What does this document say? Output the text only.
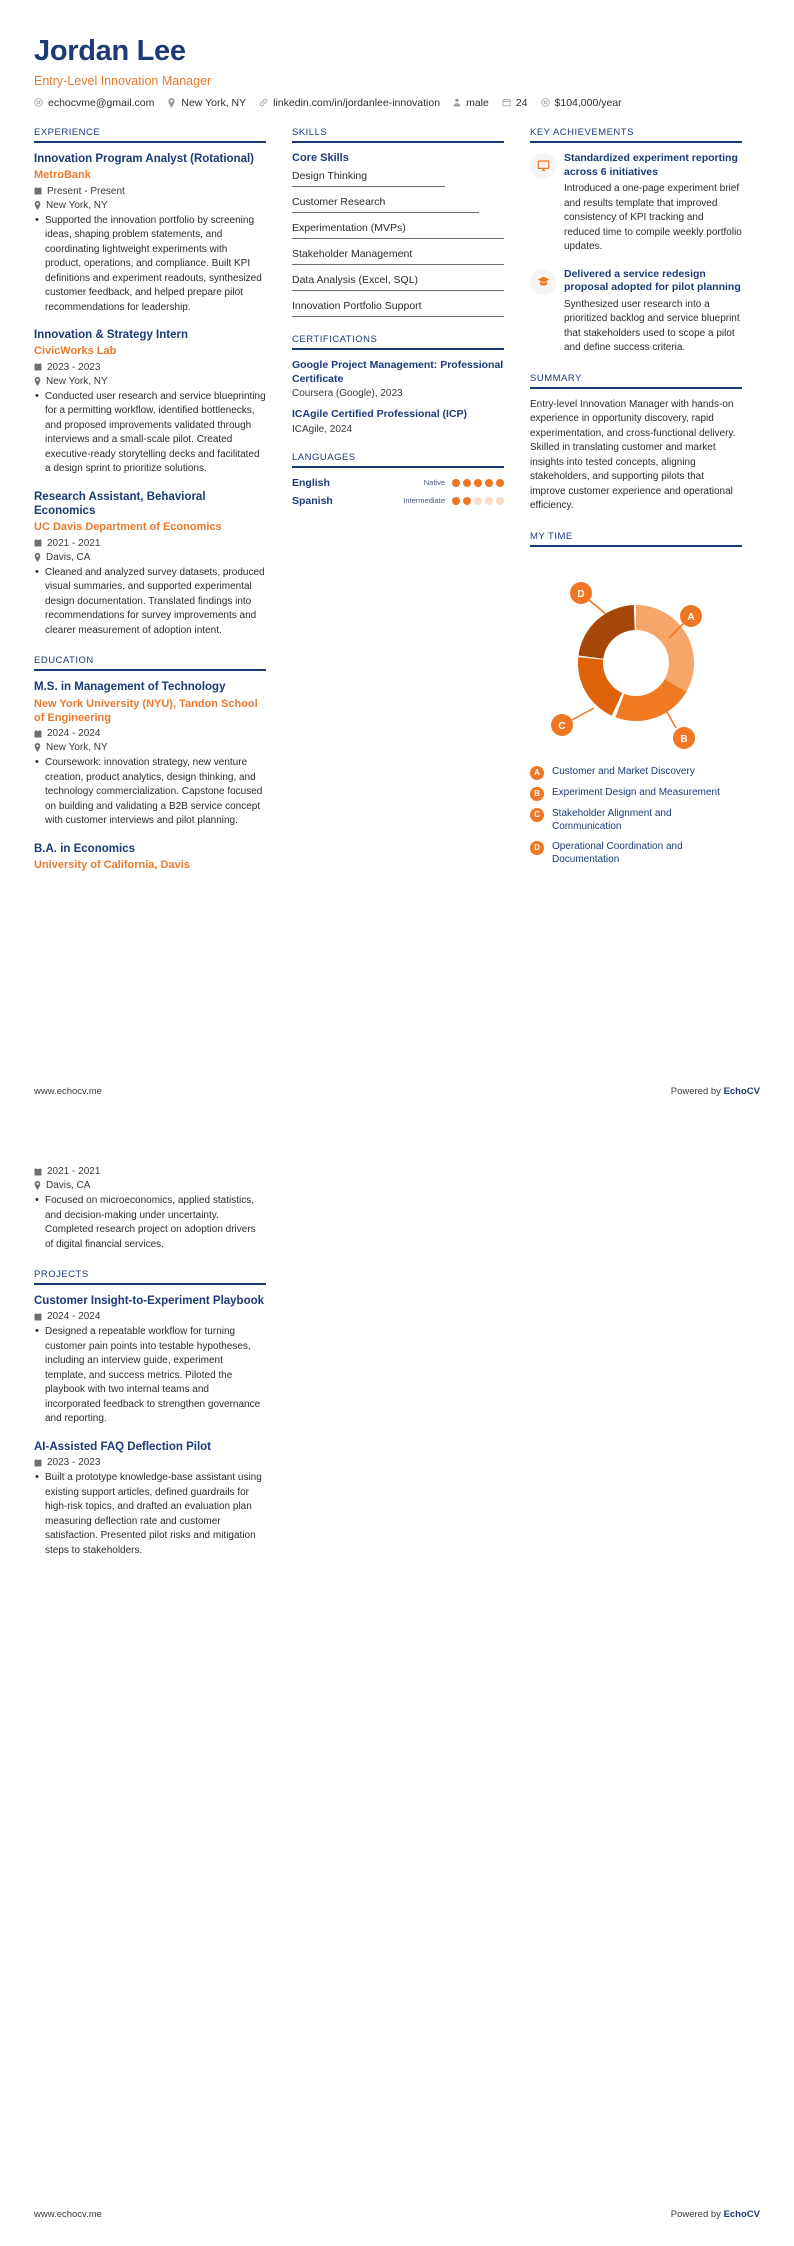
Jordan Lee
Entry-Level Innovation Manager
echocvme@gmail.com	New York, NY	linkedin.com/in/jordanlee-innovation male	24	$104,000/year
EXPERIENCE
Innovation Program Analyst (Rotational)
MetroBank
Present - Present
New York, NY
• Supported the innovation portfolio by screening ideas, shaping problem statements, and coordinating lightweight experiments with product, operations, and compliance. Built KPI definitions and experiment readouts, synthesized customer feedback, and helped prepare pilot recommendations for leadership.
Innovation & Strategy Intern
CivicWorks Lab
2023 - 2023
New York, NY
• Conducted user research and service blueprinting for a permitting workflow, identified bottlenecks, and proposed improvements validated through interviews and a small-scale pilot. Created executive-ready storytelling decks and facilitated a design sprint to prioritize solutions.
Research Assistant, Behavioral Economics
UC Davis Department of Economics
2021 - 2021
Davis, CA
• Cleaned and analyzed survey datasets, produced visual summaries, and supported experimental design documentation. Translated findings into recommendations for survey improvements and clearer measurement of adoption intent.
EDUCATION
M.S. in Management of Technology
New York University (NYU), Tandon School of Engineering
2024 - 2024
New York, NY
• Coursework: innovation strategy, new venture creation, product analytics, design thinking, and technology commercialization. Capstone focused on building and validating a B2B service concept with customer interviews and pilot planning.
B.A. in Economics
University of California, Davis
SKILLS
Core Skills
Design Thinking
Customer Research
Experimentation (MVPs)
Stakeholder Management
Data Analysis (Excel, SQL)
Innovation Portfolio Support
CERTIFICATIONS
Google Project Management: Professional Certificate
Coursera (Google), 2023
ICAgile Certified Professional (ICP)
ICAgile, 2024
LANGUAGES
English	Native
Spanish	Intermediate
KEY ACHIEVEMENTS
Standardized experiment reporting across 6 initiatives
Introduced a one-page experiment brief and results template that improved consistency of KPI tracking and reduced time to compile weekly portfolio updates.
Delivered a service redesign proposal adopted for pilot planning
Synthesized user research into a prioritized backlog and service blueprint that stakeholders used to scope a pilot and define success criteria.
SUMMARY
Entry-level Innovation Manager with hands-on experience in opportunity discovery, rapid experimentation, and cross-functional delivery. Skilled in translating customer and market insights into tested concepts, aligning stakeholders, and supporting pilots that improve customer experience and operational efficiency.
MY TIME
A
B
C
D
A	Customer and Market Discovery
B	Experiment Design and Measurement
C	Stakeholder Alignment and Communication
D	Operational Coordination and Documentation
www.echocv.me	Powered by EchoCV
2021 - 2021
Davis, CA
• Focused on microeconomics, applied statistics, and decision-making under uncertainty. Completed research project on adoption drivers of digital financial services.
PROJECTS
Customer Insight-to-Experiment Playbook
2024 - 2024
• Designed a repeatable workflow for turning customer pain points into testable hypotheses, including an interview guide, experiment template, and success metrics. Piloted the playbook with two internal teams and incorporated feedback to strengthen governance and reporting.
AI-Assisted FAQ Deflection Pilot
2023 - 2023
• Built a prototype knowledge-base assistant using existing support articles, defined guardrails for high-risk topics, and drafted an evaluation plan measuring deflection rate and customer satisfaction. Presented pilot risks and mitigation steps to stakeholders.
www.echocv.me	Powered by EchoCV
